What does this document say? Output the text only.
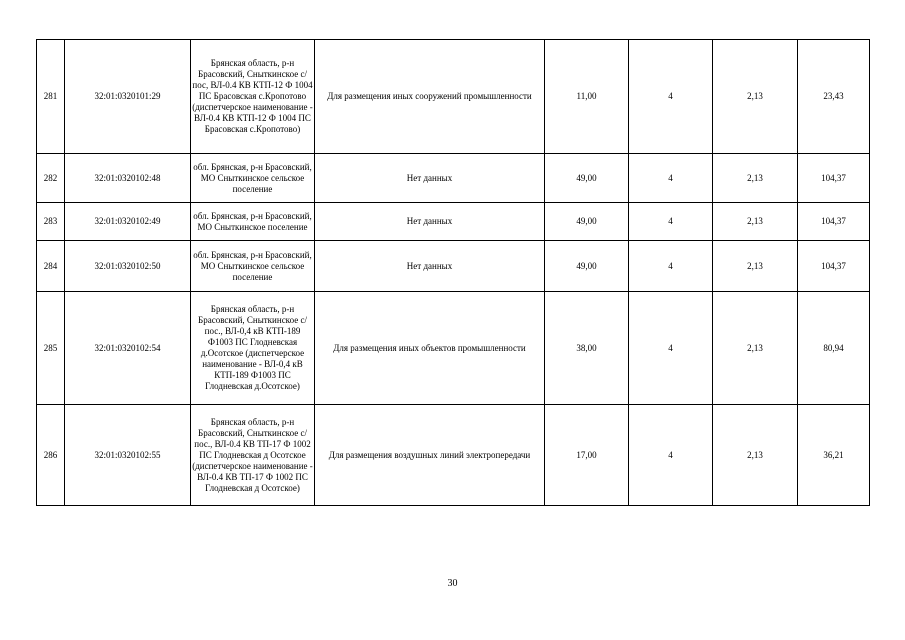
281	32:01:0320101:29	Брянская область, р-н Брасовский, Сныткинское с/пос, ВЛ-0.4 КВ КТП-12 Ф 1004 ПС Брасовская с.Кропотово (диспетчерское наименование - ВЛ-0.4 КВ КТП-12 Ф 1004 ПС Брасовская с.Кропотово)	Для размещения иных сооружений промышленности	11,00	4	2,13	23,43
282	32:01:0320102:48	обл. Брянская, р-н Брасовский, МО Сныткинское сельское поселение	Нет данных	49,00	4	2,13	104,37
283	32:01:0320102:49	обл. Брянская, р-н Брасовский, МО Сныткинское поселение	Нет данных	49,00	4	2,13	104,37
284	32:01:0320102:50	обл. Брянская, р-н Брасовский, МО Сныткинское сельское поселение	Нет данных	49,00	4	2,13	104,37
285	32:01:0320102:54	Брянская область, р-н Брасовский, Сныткинское с/пос., ВЛ-0,4 кВ КТП-189 Ф1003 ПС Глодневская д.Осотское (диспетчерское наименование - ВЛ-0,4 кВ КТП-189 Ф1003 ПС Глодневская д.Осотское)	Для размещения иных объектов промышленности	38,00	4	2,13	80,94
286	32:01:0320102:55	Брянская область, р-н Брасовский, Сныткинское с/пос., ВЛ-0.4 КВ ТП-17 Ф 1002 ПС Глодневская д Осотское (диспетчерское наименование - ВЛ-0.4 КВ ТП-17 Ф 1002 ПС Глодневская д Осотское)	Для размещения воздушных линий электропередачи	17,00	4	2,13	36,21
30
